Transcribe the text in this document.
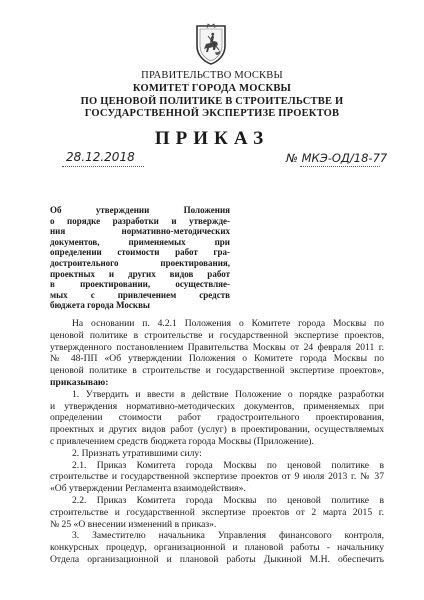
ПРАВИТЕЛЬСТВО МОСКВЫ
КОМИТЕТ ГОРОДА МОСКВЫ
ПО ЦЕНОВОЙ ПОЛИТИКЕ В СТРОИТЕЛЬСТВЕ И
ГОСУДАРСТВЕННОЙ ЭКСПЕРТИЗЕ ПРОЕКТОВ
ПРИКАЗ
28.12.2018	№ МКЭ-ОД/18-77
Об утверждении Положения
о порядке разработки и утвержде-
ния нормативно-методических
документов, применяемых при
определении стоимости работ гра-
достроительного проектирования,
проектных и других видов работ
в проектировании, осуществляе-
мых с привлечением средств
бюджета города Москвы
На основании п. 4.2.1 Положения о Комитете города Москвы по
ценовой политике в строительстве и государственной экспертизе проектов,
утвержденного постановлением Правительства Москвы от 24 февраля 2011 г.
№ 48-ПП «Об утверждении Положения о Комитете города Москвы по
ценовой политике в строительстве и государственной экспертизе проектов»,
приказываю:
1. Утвердить и ввести в действие Положение о порядке разработки
и утверждения нормативно-методических документов, применяемых при
определении стоимости работ градостроительного проектирования,
проектных и других видов работ (услуг) в проектировании, осуществляемых
с привлечением средств бюджета города Москвы (Приложение).
2. Признать утратившими силу:
2.1. Приказ Комитета города Москвы по ценовой политике в
строительстве и государственной экспертизе проектов от 9 июля 2013 г. № 37
«Об утверждении Регламента взаимодействия».
2.2. Приказ Комитета города Москвы по ценовой политике в
строительстве и государственной экспертизе проектов от 2 марта 2015 г.
№ 25 «О внесении изменений в приказ».
3. Заместителю начальника Управления финансового контроля,
конкурсных процедур, организационной и плановой работы - начальнику
Отдела организационной и плановой работы Дыкиной М.Н. обеспечить
